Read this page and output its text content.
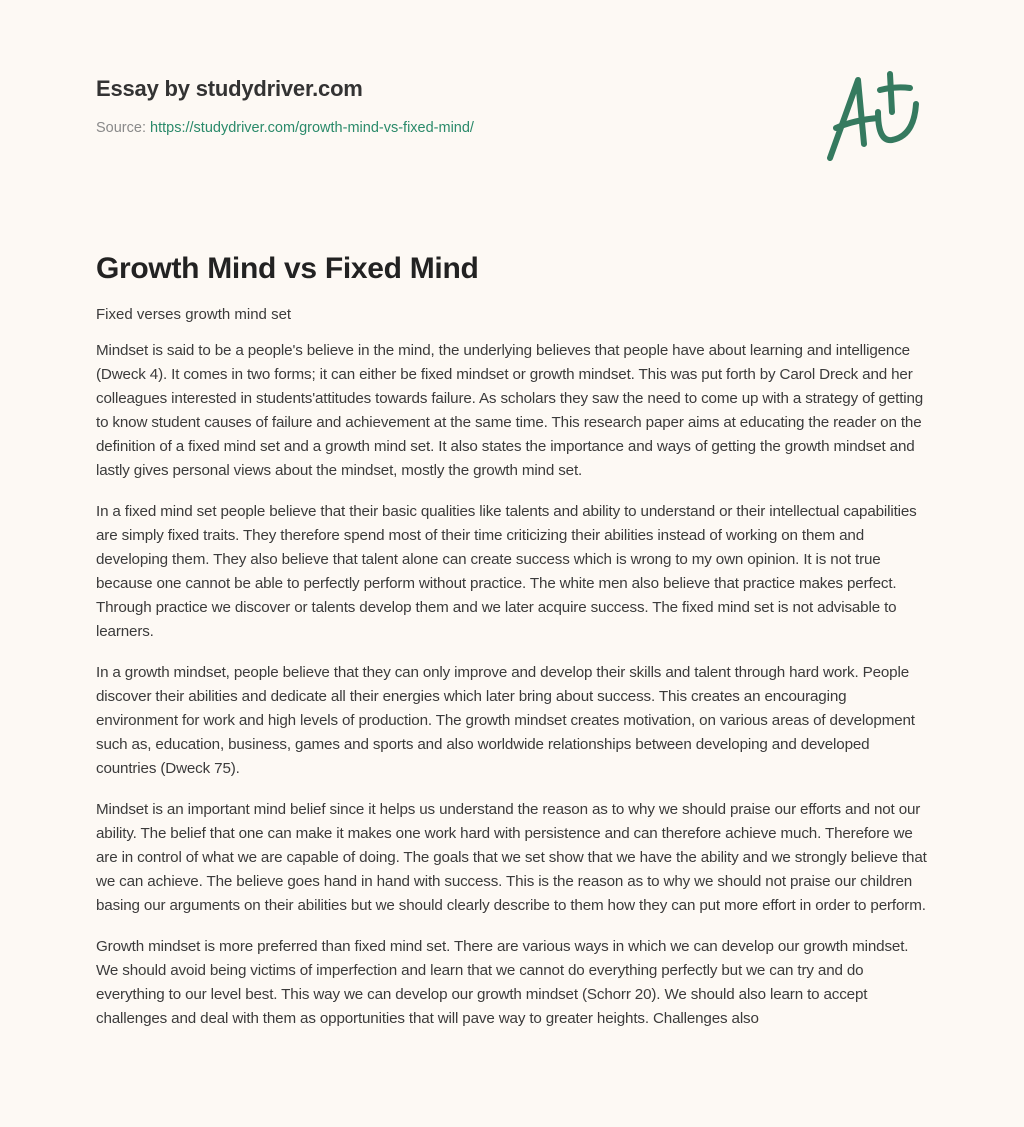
Essay by studydriver.com
Source: https://studydriver.com/growth-mind-vs-fixed-mind/
Growth Mind vs Fixed Mind

Fixed verses growth mind set

Mindset is said to be a people's believe in the mind, the underlying believes that people have about learning and intelligence (Dweck 4). It comes in two forms; it can either be fixed mindset or growth mindset. This was put forth by Carol Dreck and her colleagues interested in students'attitudes towards failure. As scholars they saw the need to come up with a strategy of getting to know student causes of failure and achievement at the same time. This research paper aims at educating the reader on the definition of a fixed mind set and a growth mind set. It also states the importance and ways of getting the growth mindset and lastly gives personal views about the mindset, mostly the growth mind set.

In a fixed mind set people believe that their basic qualities like talents and ability to understand or their intellectual capabilities are simply fixed traits. They therefore spend most of their time criticizing their abilities instead of working on them and developing them. They also believe that talent alone can create success which is wrong to my own opinion. It is not true because one cannot be able to perfectly perform without practice. The white men also believe that practice makes perfect. Through practice we discover or talents develop them and we later acquire success. The fixed mind set is not advisable to learners.

In a growth mindset, people believe that they can only improve and develop their skills and talent through hard work. People discover their abilities and dedicate all their energies which later bring about success. This creates an encouraging environment for work and high levels of production. The growth mindset creates motivation, on various areas of development such as, education, business, games and sports and also worldwide relationships between developing and developed countries (Dweck 75).

Mindset is an important mind belief since it helps us understand the reason as to why we should praise our efforts and not our ability. The belief that one can make it makes one work hard with persistence and can therefore achieve much. Therefore we are in control of what we are capable of doing. The goals that we set show that we have the ability and we strongly believe that we can achieve. The believe goes hand in hand with success. This is the reason as to why we should not praise our children basing our arguments on their abilities but we should clearly describe to them how they can put more effort in order to perform.

Growth mindset is more preferred than fixed mind set. There are various ways in which we can develop our growth mindset. We should avoid being victims of imperfection and learn that we cannot do everything perfectly but we can try and do everything to our level best. This way we can develop our growth mindset (Schorr 20). We should also learn to accept challenges and deal with them as opportunities that will pave way to greater heights. Challenges also
